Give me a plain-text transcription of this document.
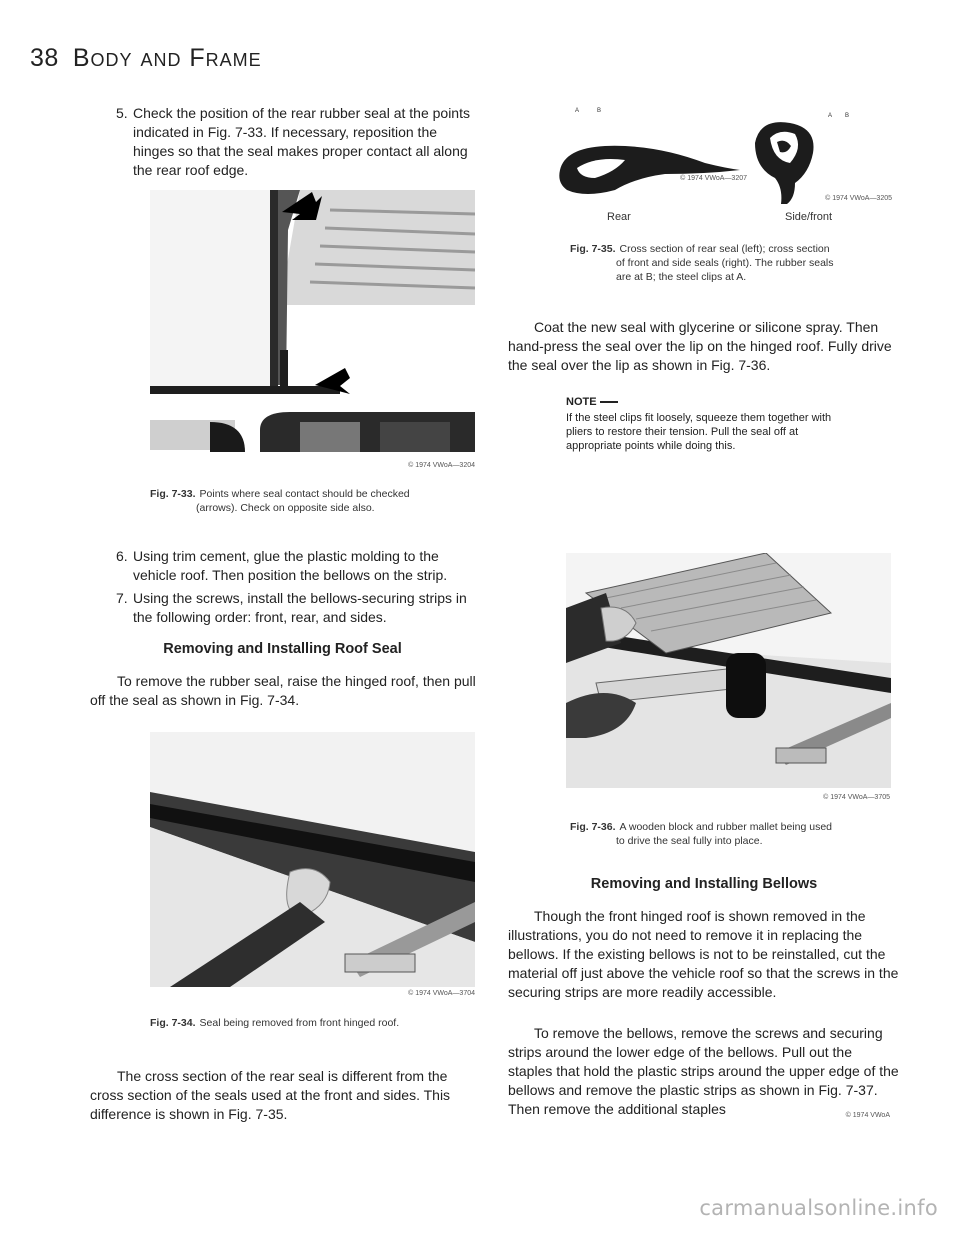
38 Body and Frame
5. Check the position of the rear rubber seal at the points indicated in Fig. 7-33. If necessary, reposition the hinges so that the seal makes proper contact all along the rear roof edge.
© 1974 VWoA—3204
Fig. 7-33. Points where seal contact should be checked
(arrows). Check on opposite side also.
6. Using trim cement, glue the plastic molding to the vehicle roof. Then position the bellows on the strip.
7. Using the screws, install the bellows-securing strips in the following order: front, rear, and sides.
Removing and Installing Roof Seal

To remove the rubber seal, raise the hinged roof, then pull off the seal as shown in Fig. 7-34.

© 1974 VWoA—3704
Fig. 7-34. Seal being removed from front hinged roof.

The cross section of the rear seal is different from the cross section of the seals used at the front and sides. This difference is shown in Fig. 7-35.

A	B
A B
© 1974 VWoA—3207
© 1974 VWoA—3205
Rear	Side/front
Fig. 7-35. Cross section of rear seal (left); cross section
of front and side seals (right). The rubber seals
are at B; the steel clips at A.

Coat the new seal with glycerine or silicone spray. Then hand-press the seal over the lip on the hinged roof. Fully drive the seal over the lip as shown in Fig. 7-36.

NOTE
If the steel clips fit loosely, squeeze them together with pliers to restore their tension. Pull the seal off at appropriate points while doing this.
© 1974 VWoA—3705
Fig. 7-36. A wooden block and rubber mallet being used
to drive the seal fully into place.
Removing and Installing Bellows

Though the front hinged roof is shown removed in the illustrations, you do not need to remove it in replacing the bellows. If the existing bellows is not to be reinstalled, cut the material off just above the vehicle roof so that the screws in the securing strips are more readily accessible.

To remove the bellows, remove the screws and securing strips around the lower edge of the bellows. Pull out the staples that hold the plastic strips around the upper edge of the bellows and remove the plastic strips as shown in Fig. 7-37. Then remove the additional staples	© 1974 VWoA
carmanualsonline.info
